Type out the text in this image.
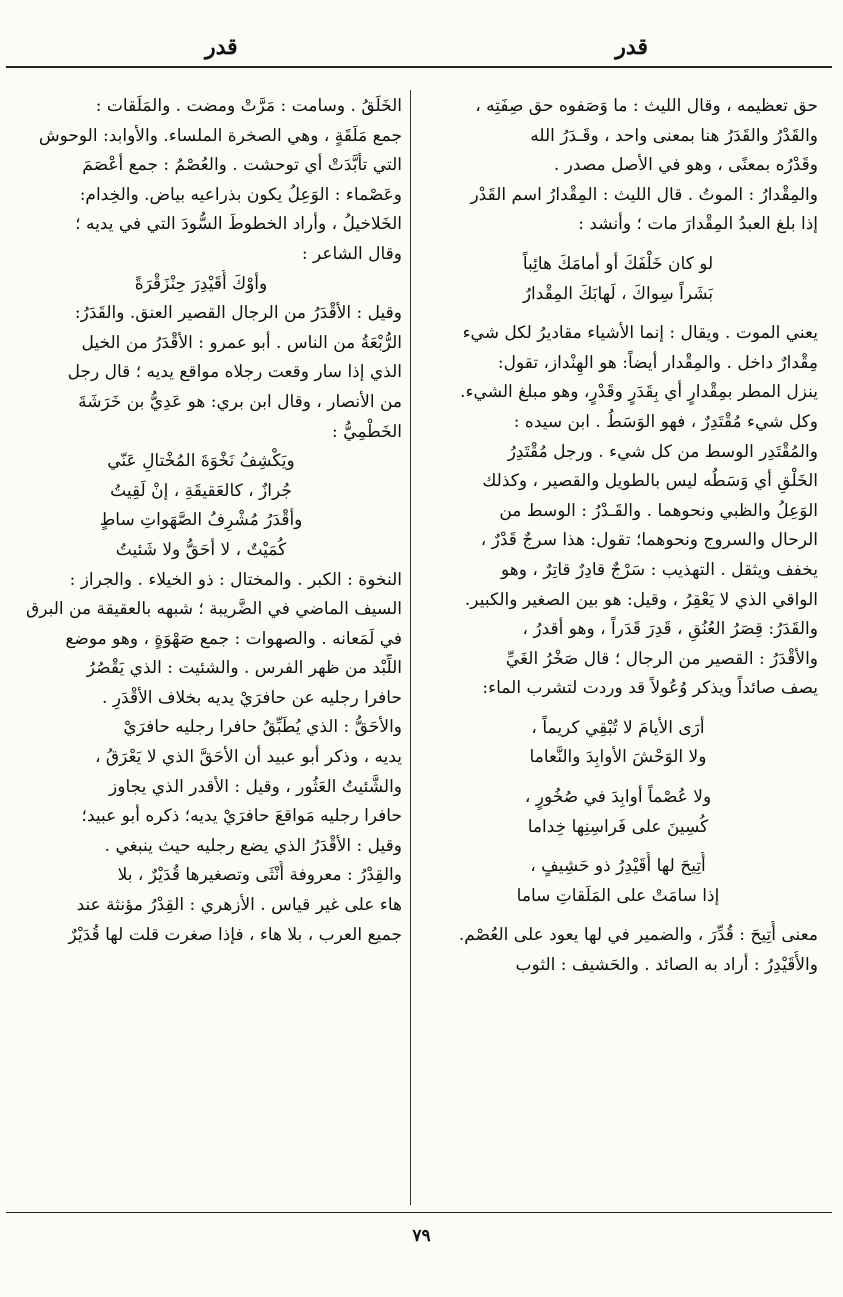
قدر
قدر

حق تعظيمه ، وقال الليث : ما وَصَفوه حق صِفَتِه ،

والقَدْرُ والقَدَرُ هنا بمعنى واحد ، وقَـدَرُ الله

وقَدْرُه بمعنًى ، وهو في الأصل مصدر .

والمِقْدارُ : الموتُ . قال الليث : المِقْدارُ اسم القَدْر

إذا بلغ العبدُ المِقْدارَ مات ؛ وأنشد :

لو كان خَلْفَكَ أو أمامَكَ هائِباً

بَشَراً سِواكَ ، لَهابَكَ المِقْدارُ

يعني الموت . ويقال : إنما الأشياء مقاديرُ لكل شيء

مِقْدارٌ داخل . والمِقْدار أيضاً: هو الهِنْداز، تقول:

ينزل المطر بمِقْدارٍ أي بِقَدَرٍ وقَدْرٍ، وهو مبلغ الشيء.

وكل شيء مُقْتَدِرٌ ، فهو الوَسَطُ . ابن سيده :

والمُقْتَدِر الوسط من كل شيء . ورجل مُقْتَدِرُ

الخَلْقِ أي وَسَطُه ليس بالطويل والقصير ، وكذلك

الوَعِلُ والظبي ونحوهما . والقَـدْرُ : الوسط من

الرحال والسروج ونحوهما؛ تقول: هذا سرجٌ قَدْرٌ ،

يخفف ويثقل . التهذيب : سَرْجٌ قادِرٌ قاتِرٌ ، وهو

الواقي الذي لا يَعْقِرُ ، وقيل: هو بين الصغير والكبير.

والقَدَرُ: قِصَرُ العُنُقِ ، قَدِرَ قَدَراً ، وهو أقدرُ ،

والأقْدَرُ : القصير من الرجال ؛ قال صَخْرُ الغَيِّ

يصف صائداً ويذكر وُعُولاً قد وردت لتشرب الماء:

أرَى الأيامَ لا تُبْقِي كريماً ،

ولا الوَحْشَ الأوابِدَ والنَّعاما

ولا عُصْماً أوابِدَ في صُخُورٍ ،

كُسِينَ على فَراسِنِها خِداما

أُتِيحَ لها أُقَيْدِرُ ذو حَشِيفٍ ،

إذا سامَتْ على المَلَقاتِ ساما

معنى أُتِيحَ : قُدِّرَ ، والضمير في لها يعود على العُصْم.

والأُقَيْدِرُ : أراد به الصائد . والحَشيف : الثوب

الخَلَقُ . وسامت : مَرَّتْ ومضت . والمَلَقات :

جمع مَلَقَةٍ ، وهي الصخرة الملساء. والأوابد: الوحوش

التي تأَبَّدَتْ أي توحشت . والعُصْمُ : جمع أعْصَمَ

وعَصْماء : الوَعِلُ يكون بذراعيه بياض. والخِدام:

الخَلاخيلُ ، وأراد الخطوطَ السُّودَ التي في يديه ؛

وقال الشاعر :

وأوْكَ أُقَيْدِرَ حِنْزَقْرَةً

وقيل : الأقْدَرُ من الرجال القصير العنق. والقَدَرُ:

الرُّبْعَةُ من الناس . أبو عمرو : الأقْدَرُ من الخيل

الذي إذا سار وقعت رجلاه مواقع يديه ؛ قال رجل

من الأنصار ، وقال ابن بري: هو عَدِيُّ بن خَرَشَةَ

الخَطْمِيُّ :

ويَكْشِفُ نَخْوَةَ المُخْتالِ عَنّي

جُرازٌ ، كالعَقيقَةِ ، إنْ لَقِيتُ

وأقْدَرُ مُشْرِفُ الصَّهَواتِ ساطٍ

كُمَيْتٌ ، لا أحَقُّ ولا شَئيتُ

النخوة : الكبر . والمختال : ذو الخيلاء . والجراز :

السيف الماضي في الضَّريبة ؛ شبهه بالعقيقة من البرق

في لَمَعانه . والصهوات : جمع صَهْوَةٍ ، وهو موضع

اللِّبْد من ظهر الفرس . والشئيت : الذي يَقْصُرُ

حافرا رجليه عن حافرَيْ يديه بخلاف الأقْدَرِ .

والأحَقُّ : الذي يُطَبِّقُ حافرا رجليه حافرَيْ

يديه ، وذكر أبو عبيد أن الأحَقَّ الذي لا يَعْرَقُ ،

والشَّئيتُ العَثُور ، وقيل : الأقدر الذي يجاوز

حافرا رجليه مَواقعَ حافرَيْ يديه؛ ذكره أبو عبيد؛

وقيل : الأقْدَرُ الذي يضع رجليه حيث ينبغي .

والقِدْرُ : معروفة أُنْثَى وتصغيرها قُدَيْرٌ ، بلا

هاء على غير قياس . الأزهري : القِدْرُ مؤنثة عند

جميع العرب ، بلا هاء ، فإذا صغرت قلت لها قُدَيْرٌ

٧٩
